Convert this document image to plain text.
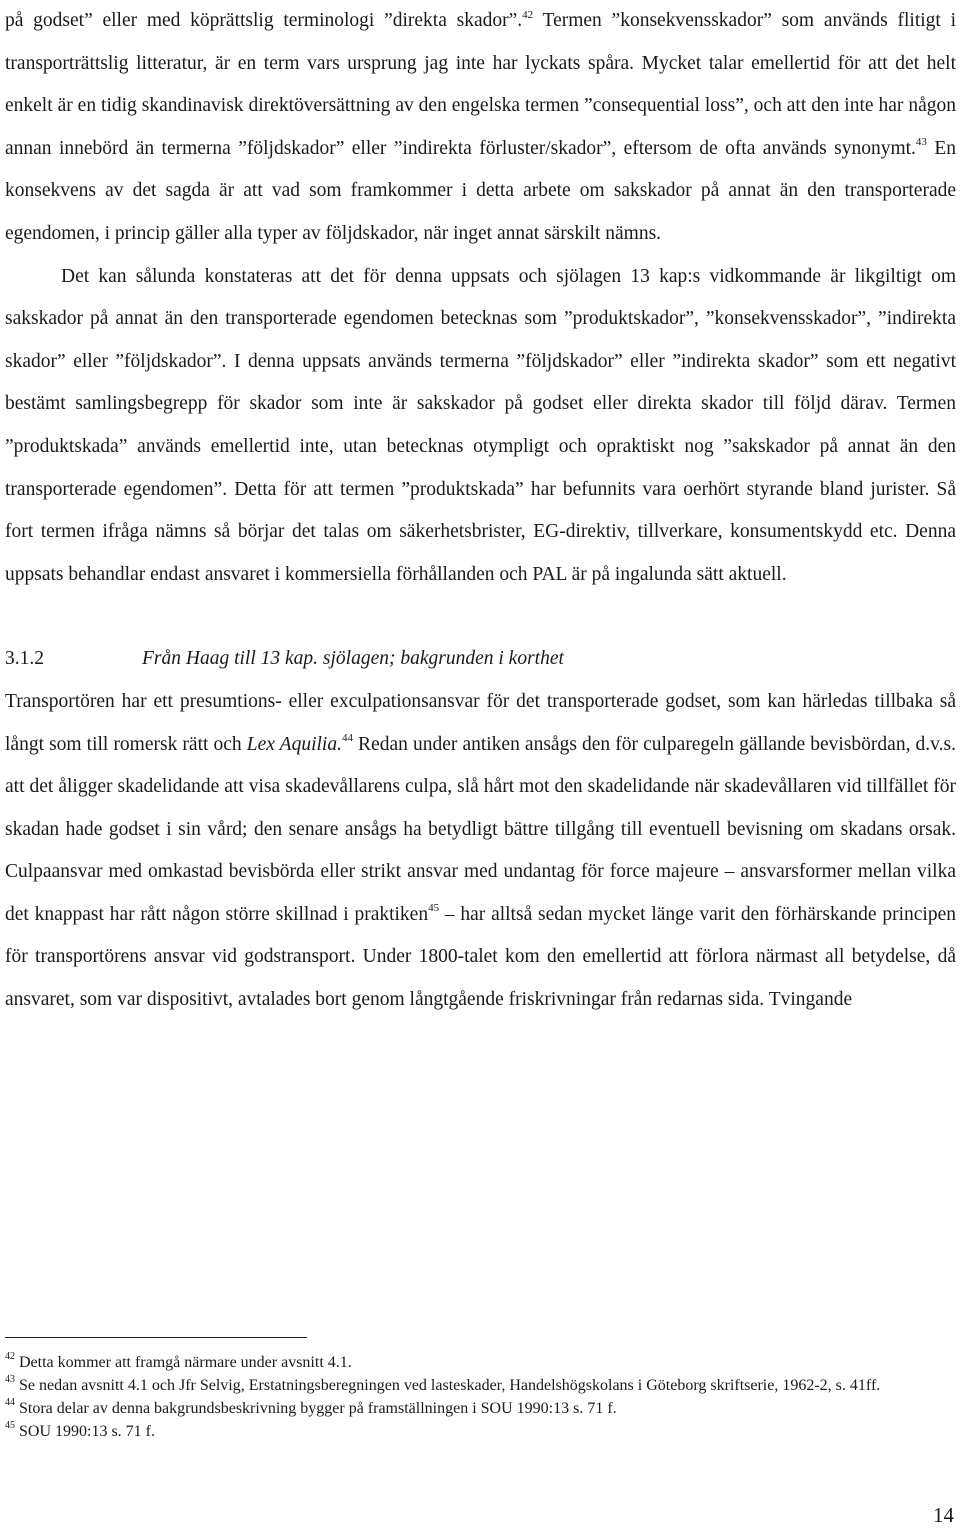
på godset” eller med köprättslig terminologi ”direkta skador”.$^{42}$ Termen ”konsekvensskador” som används flitigt i transporträttslig litteratur, är en term vars ursprung jag inte har lyckats spåra. Mycket talar emellertid för att det helt enkelt är en tidig skandinavisk direktöversättning av den engelska termen ”consequential loss”, och att den inte har någon annan innebörd än termerna ”följdskador” eller ”indirekta förluster/skador”, eftersom de ofta används synonymt.$^{43}$ En konsekvens av det sagda är att vad som framkommer i detta arbete om sakskador på annat än den transporterade egendomen, i princip gäller alla typer av följdskador, när inget annat särskilt nämns.

Det kan sålunda konstateras att det för denna uppsats och sjölagen 13 kap:s vidkommande är likgiltigt om sakskador på annat än den transporterade egendomen betecknas som ”produktskador”, ”konsekvensskador”, ”indirekta skador” eller ”följdskador”. I denna uppsats används termerna ”följdskador” eller ”indirekta skador” som ett negativt bestämt samlingsbegrepp för skador som inte är sakskador på godset eller direkta skador till följd därav. Termen ”produktskada” används emellertid inte, utan betecknas otympligt och opraktiskt nog ”sakskador på annat än den transporterade egendomen”. Detta för att termen ”produktskada” har befunnits vara oerhört styrande bland jurister. Så fort termen ifråga nämns så börjar det talas om säkerhetsbrister, EG-direktiv, tillverkare, konsumentskydd etc. Denna uppsats behandlar endast ansvaret i kommersiella förhållanden och PAL är på ingalunda sätt aktuell.

3.1.2	Från Haag till 13 kap. sjölagen; bakgrunden i korthet

Transportören har ett presumtions- eller exculpationsansvar för det transporterade godset, som kan härledas tillbaka så långt som till romersk rätt och Lex Aquilia.$^{44}$ Redan under antiken ansågs den för culparegeln gällande bevisbördan, d.v.s. att det åligger skadelidande att visa skadevållarens culpa, slå hårt mot den skadelidande när skadevållaren vid tillfället för skadan hade godset i sin vård; den senare ansågs ha betydligt bättre tillgång till eventuell bevisning om skadans orsak. Culpaansvar med omkastad bevisbörda eller strikt ansvar med undantag för force majeure – ansvarsformer mellan vilka det knappast har rått någon större skillnad i praktiken$^{45}$ – har alltså sedan mycket länge varit den förhärskande principen för transportörens ansvar vid godstransport. Under 1800-talet kom den emellertid att förlora närmast all betydelse, då ansvaret, som var dispositivt, avtalades bort genom långtgående friskrivningar från redarnas sida. Tvingande

$^{42}$ Detta kommer att framgå närmare under avsnitt 4.1.

$^{43}$ Se nedan avsnitt 4.1 och Jfr Selvig, Erstatningsberegningen ved lasteskader, Handelshögskolans i Göteborg skriftserie, 1962-2, s. 41ff.

$^{44}$ Stora delar av denna bakgrundsbeskrivning bygger på framställningen i SOU 1990:13 s. 71 f.

$^{45}$ SOU 1990:13 s. 71 f.

14
